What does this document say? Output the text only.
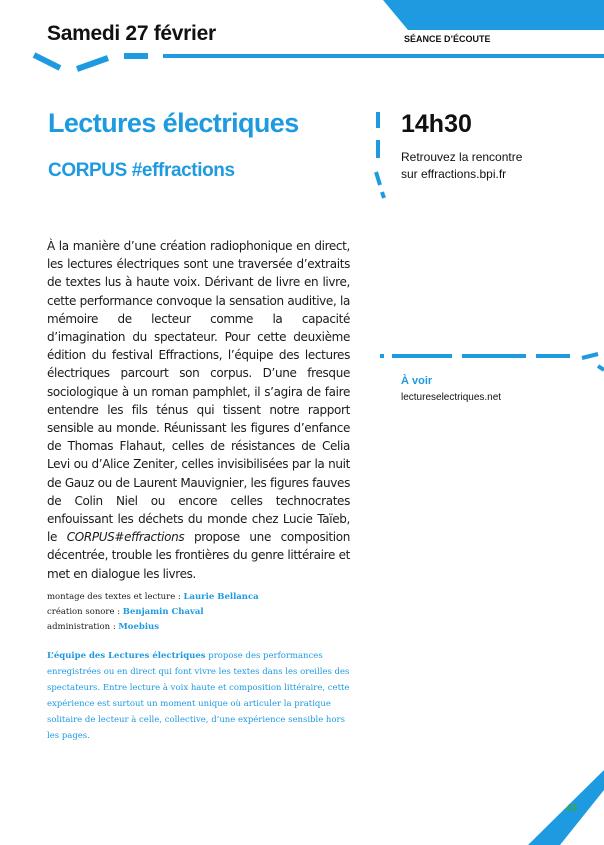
Samedi 27 février	SÉANCE D’ÉCOUTE
Lectures électriques
CORPUS #effractions
14h30
Retrouvez la rencontre
sur effractions.bpi.fr

À la manière d’une création radiophonique en direct, les lectures électriques sont une traversée d’extraits de textes lus à haute voix. Dérivant de livre en livre, cette performance convoque la sensation auditive, la mémoire de lecteur comme la capacité d’imagination du spectateur. Pour cette deuxième édition du festival Effractions, l’équipe des lectures électriques parcourt son corpus. D’une fresque sociologique à un roman pamphlet, il s’agira de faire entendre les fils ténus qui tissent notre rapport sensible au monde. Réunissant les figures d’enfance de Thomas Flahaut, celles de résistances de Celia Levi ou d’Alice Zeniter, celles invisibilisées par la nuit de Gauz ou de Laurent Mauvignier, les figures fauves de Colin Niel ou encore celles technocrates enfouissant les déchets du monde chez Lucie Taïeb, le CORPUS#effractions propose une composition décentrée, trouble les frontières du genre littéraire et met en dialogue les livres.

montage des textes et lecture : Laurie Bellanca
création sonore : Benjamin Chaval
administration : Moebius

L’équipe des Lectures électriques propose des performances enregistrées ou en direct qui font vivre les textes dans les oreilles des spectateurs. Entre lecture à voix haute et composition littéraire, cette expérience est surtout un moment unique où articuler la pratique solitaire de lecteur à celle, collective, d’une expérience sensible hors les pages.

À voir
lectureselectriques.net
43
